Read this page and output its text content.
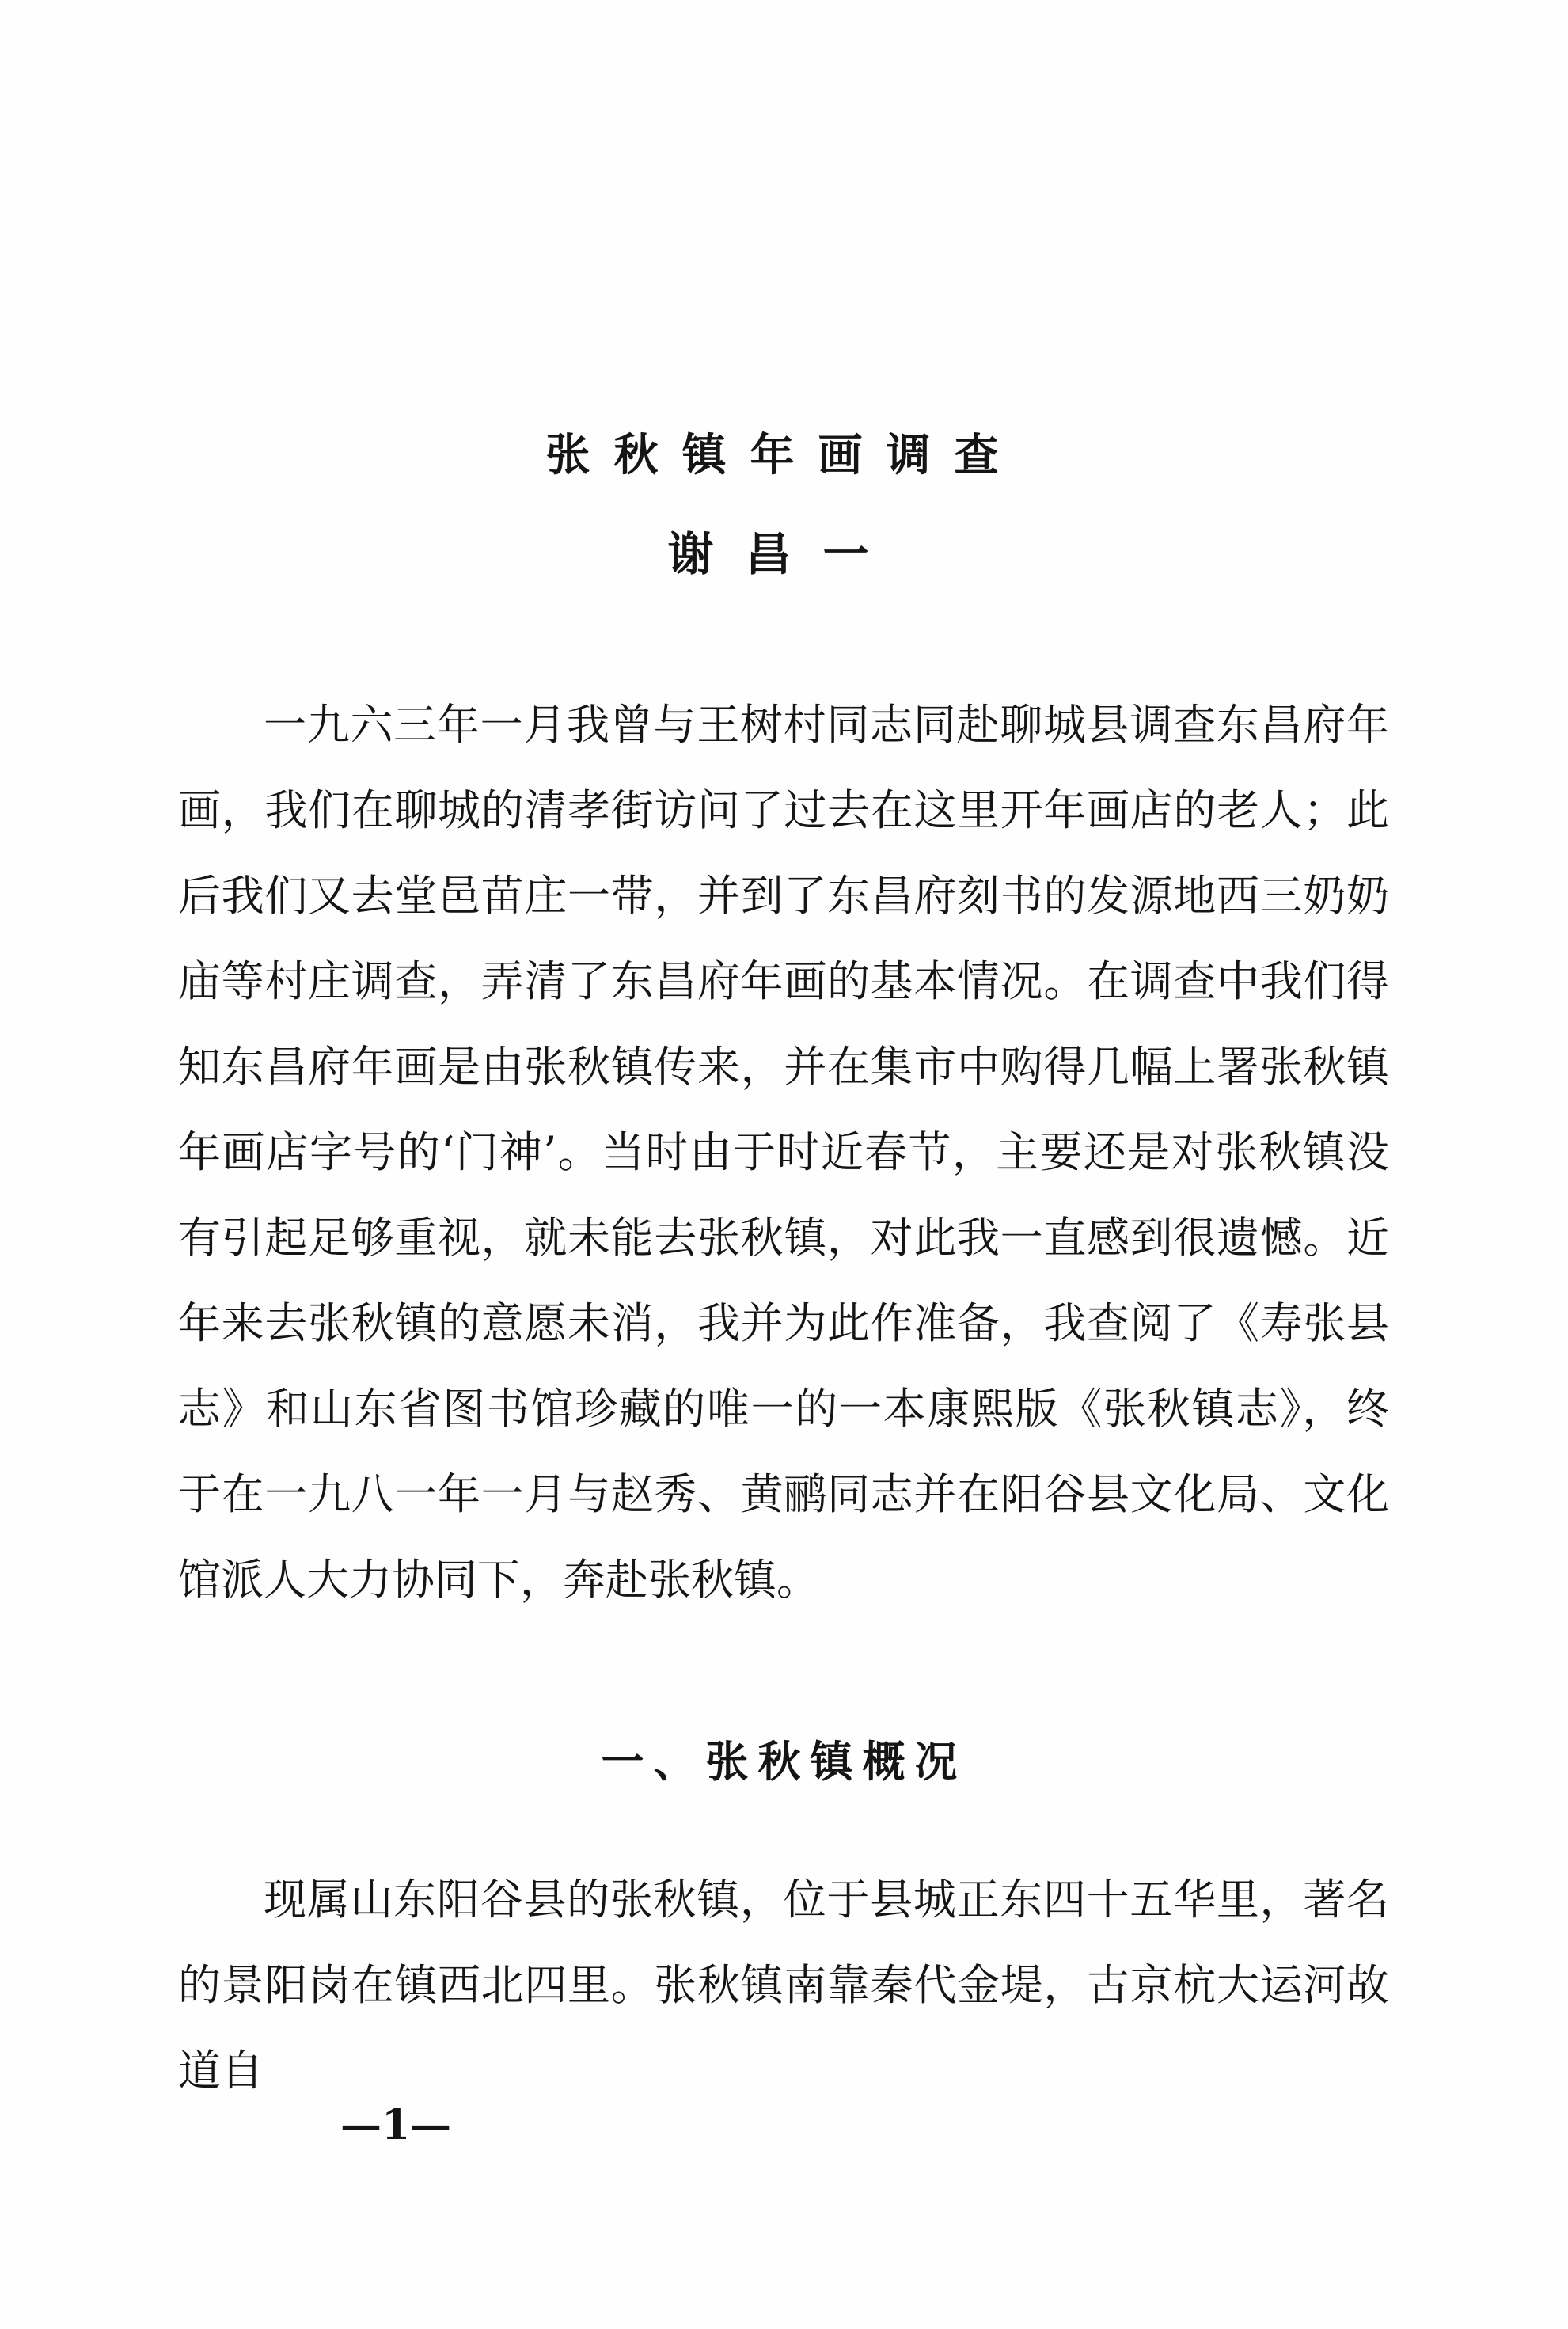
张秋镇年画调查
谢昌一

一九六三年一月我曾与王树村同志同赴聊城县调查东昌府年画，我们在聊城的清孝街访问了过去在这里开年画店的老人；此后我们又去堂邑苗庄一带，并到了东昌府刻书的发源地西三奶奶庙等村庄调查，弄清了东昌府年画的基本情况。在调查中我们得知东昌府年画是由张秋镇传来，并在集市中购得几幅上署张秋镇年画店字号的‘门神’。当时由于时近春节，主要还是对张秋镇没有引起足够重视，就未能去张秋镇，对此我一直感到很遗憾。近年来去张秋镇的意愿未消，我并为此作准备，我查阅了《寿张县志》和山东省图书馆珍藏的唯一的一本康熙版《张秋镇志》，终于在一九八一年一月与赵秀、黄鹂同志并在阳谷县文化局、文化馆派人大力协同下，奔赴张秋镇。

一、张秋镇概况

现属山东阳谷县的张秋镇，位于县城正东四十五华里，著名的景阳岗在镇西北四里。张秋镇南靠秦代金堤，古京杭大运河故道自

—1—
